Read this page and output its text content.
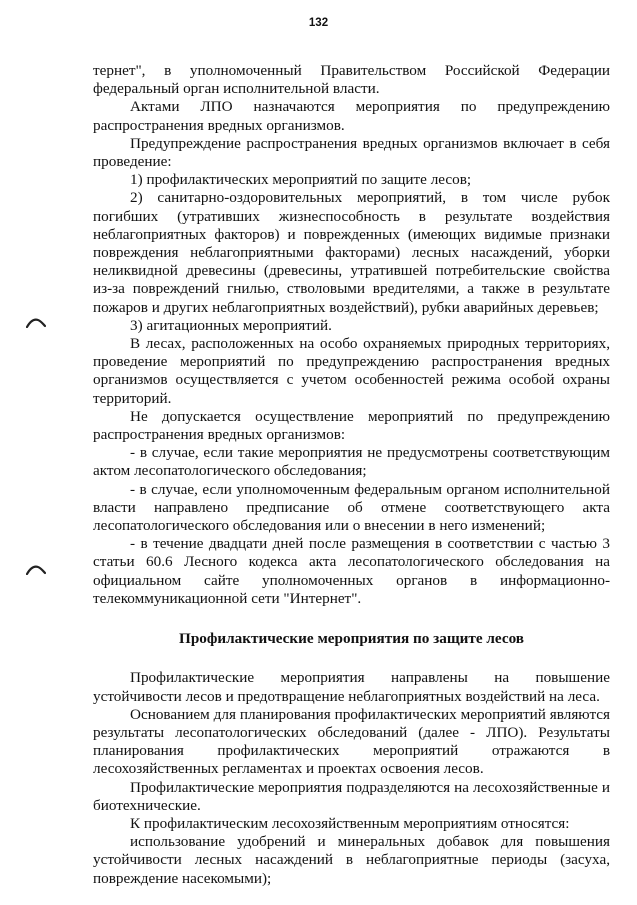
132

тернет", в уполномоченный Правительством Российской Федерации федеральный орган исполнительной власти.

Актами ЛПО назначаются мероприятия по предупреждению распространения вредных организмов.

Предупреждение распространения вредных организмов включает в себя проведение:

1) профилактических мероприятий по защите лесов;

2) санитарно-оздоровительных мероприятий, в том числе рубок погибших (утративших жизнеспособность в результате воздействия неблагоприятных факторов) и поврежденных (имеющих видимые признаки повреждения неблагоприятными факторами) лесных насаждений, уборки неликвидной древесины (древесины, утратившей потребительские свойства из-за повреждений гнилью, стволовыми вредителями, а также в результате пожаров и других неблагоприятных воздействий), рубки аварийных деревьев;

3) агитационных мероприятий.

В лесах, расположенных на особо охраняемых природных территориях, проведение мероприятий по предупреждению распространения вредных организмов осуществляется с учетом особенностей режима особой охраны территорий.

Не допускается осуществление мероприятий по предупреждению распространения вредных организмов:

- в случае, если такие мероприятия не предусмотрены соответствующим актом лесопатологического обследования;

- в случае, если уполномоченным федеральным органом исполнительной власти направлено предписание об отмене соответствующего акта лесопатологического обследования или о внесении в него изменений;

- в течение двадцати дней после размещения в соответствии с частью 3 статьи 60.6 Лесного кодекса акта лесопатологического обследования на официальном сайте уполномоченных органов в информационно-телекоммуникационной сети "Интернет".

Профилактические мероприятия по защите лесов

Профилактические мероприятия направлены на повышение устойчивости лесов и предотвращение неблагоприятных воздействий на леса.

Основанием для планирования профилактических мероприятий являются результаты лесопатологических обследований (далее - ЛПО). Результаты планирования профилактических мероприятий отражаются в лесохозяйственных регламентах и проектах освоения лесов.

Профилактические мероприятия подразделяются на лесохозяйственные и биотехнические.

К профилактическим лесохозяйственным мероприятиям относятся:

использование удобрений и минеральных добавок для повышения устойчивости лесных насаждений в неблагоприятные периоды (засуха, повреждение насекомыми);
